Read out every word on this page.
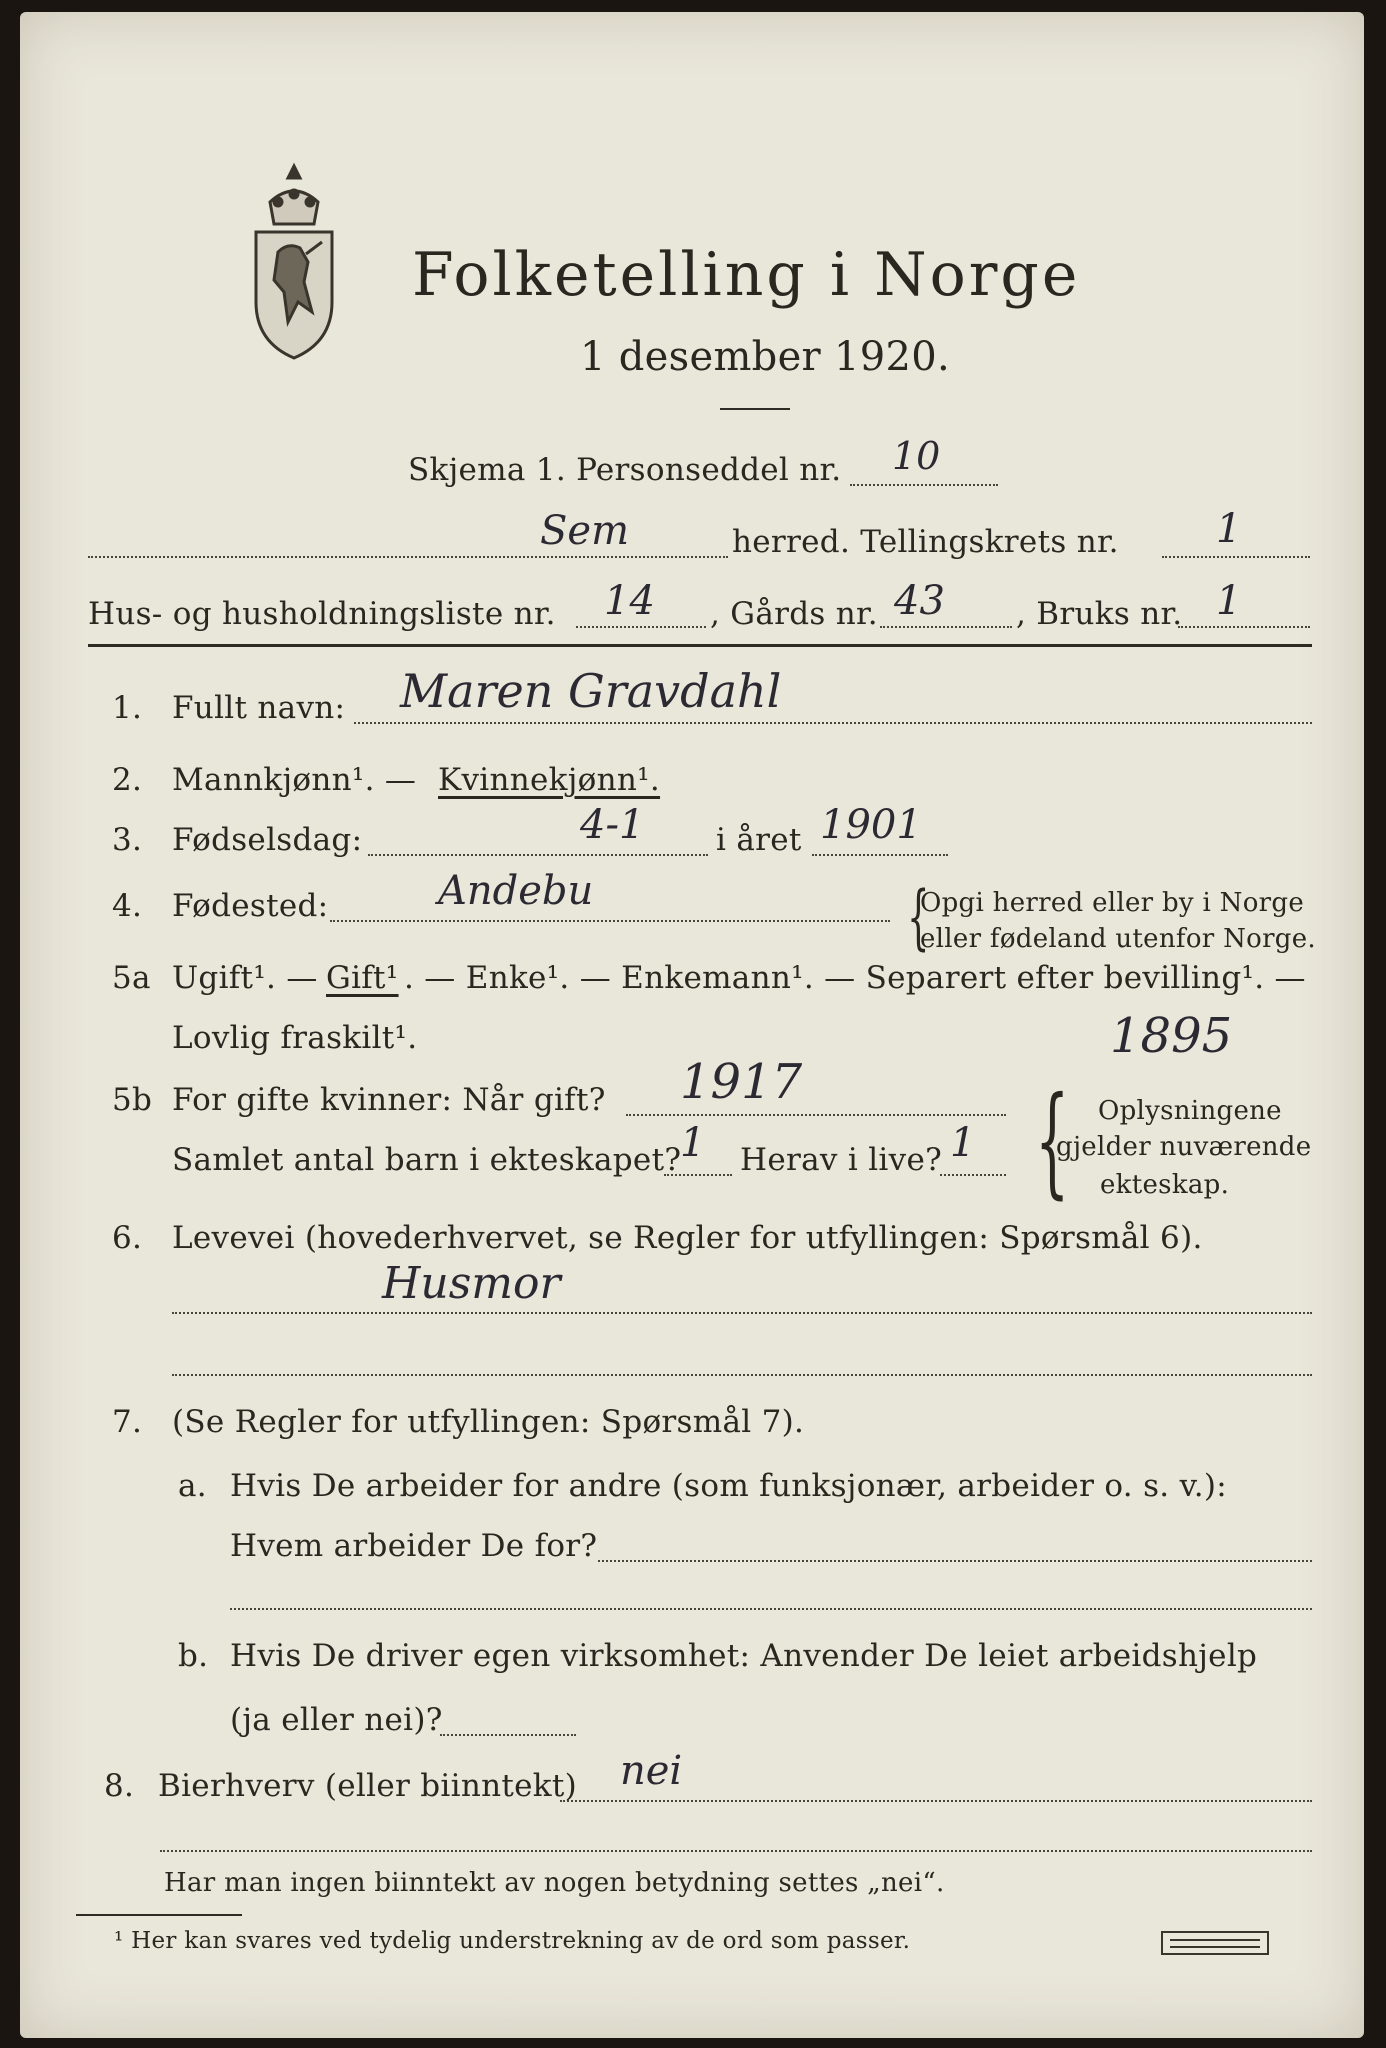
Folketelling i Norge
1 desember 1920.
Skjema 1. Personseddel nr. 10
Sem	herred. Tellingskrets nr. 1
Hus- og husholdningsliste nr. 14 , Gårds nr. 43 , Bruks nr. 1
1. Fullt navn: Maren Gravdahl
2. Mannkjønn¹. — Kvinnekjønn¹.
3. Fødselsdag:	4-1 i året 1901
4. Fødested:	Andebu	{
Opgi herred eller by i Norge
eller fødeland utenfor Norge.
5a Ugift¹. — Gift¹ . — Enke¹. — Enkemann¹. — Separert efter bevilling¹. —
Lovlig fraskilt¹.	1895
5b For gifte kvinner: Når gift? 1917
Samlet antal barn i ekteskapet?
1 Herav i live? 1 { Oplysningene
gjelder nuværende
ekteskap.
6. Levevei (hovederhvervet, se Regler for utfyllingen: Spørsmål 6).
Husmor
7. (Se Regler for utfyllingen: Spørsmål 7).
a. Hvis De arbeider for andre (som funksjonær, arbeider o. s. v.):
Hvem arbeider De for?
b. Hvis De driver egen virksomhet: Anvender De leiet arbeidshjelp
(ja eller nei)?
8. Bierhverv (eller biinntekt) nei
Har man ingen biinntekt av nogen betydning settes „nei“.
¹ Her kan svares ved tydelig understrekning av de ord som passer.
